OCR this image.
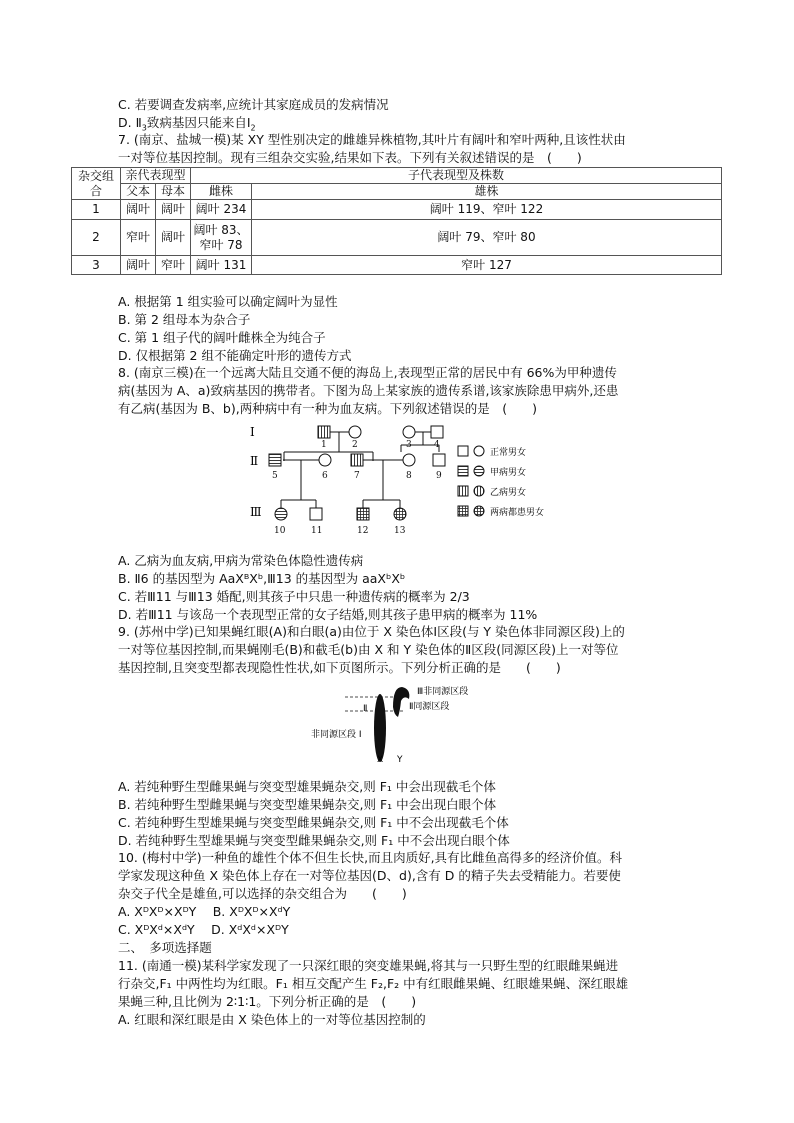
C. 若要调查发病率,应统计其家庭成员的发病情况
D. $Ⅱ_3$致病基因只能来自$Ⅰ_2$
7. (南京、盐城一模)某 XY 型性别决定的雌雄异株植物,其叶片有阔叶和窄叶两种,且该性状由
一对等位基因控制。现有三组杂交实验,结果如下表。下列有关叙述错误的是　(　　)
杂交组合	亲代表现型		子代表现型及株数	
	父本	母本	雌株	雄株
1	阔叶	阔叶	阔叶 234	阔叶 119、窄叶 122
2	窄叶	阔叶	阔叶 83、窄叶 78	阔叶 79、窄叶 80
3	阔叶	窄叶	阔叶 131	窄叶 127
A. 根据第 1 组实验可以确定阔叶为显性
B. 第 2 组母本为杂合子
C. 第 1 组子代的阔叶雌株全为纯合子
D. 仅根据第 2 组不能确定叶形的遗传方式
8. (南京三模)在一个远离大陆且交通不便的海岛上,表现型正常的居民中有 66%为甲种遗传
病(基因为 A、a)致病基因的携带者。下图为岛上某家族的遗传系谱,该家族除患甲病外,还患
有乙病(基因为 B、b),两种病中有一种为血友病。下列叙述错误的是　(　　)
Ⅰ
Ⅱ
Ⅲ
1	2	3 4
5	6	7	8	9
10	11	12	13
正常男女
甲病男女
乙病男女
两病都患男女
A. 乙病为血友病,甲病为常染色体隐性遗传病
B. Ⅱ6 的基因型为 AaXᴮXᵇ,Ⅲ13 的基因型为 aaXᵇXᵇ
C. 若Ⅲ11 与Ⅲ13 婚配,则其孩子中只患一种遗传病的概率为 2/3
D. 若Ⅲ11 与该岛一个表现型正常的女子结婚,则其孩子患甲病的概率为 11%
9. (苏州中学)已知果蝇红眼(A)和白眼(a)由位于 X 染色体Ⅰ区段(与 Y 染色体非同源区段)上的
一对等位基因控制,而果蝇刚毛(B)和截毛(b)由 X 和 Y 染色体的Ⅱ区段(同源区段)上一对等位
基因控制,且突变型都表现隐性性状,如下页图所示。下列分析正确的是　　(　　)
Ⅲ非同源区段
Ⅱ同源区段
Ⅱ
非同源区段 Ⅰ
X Y
A. 若纯种野生型雌果蝇与突变型雄果蝇杂交,则 F₁ 中会出现截毛个体
B. 若纯种野生型雌果蝇与突变型雄果蝇杂交,则 F₁ 中会出现白眼个体
C. 若纯种野生型雄果蝇与突变型雌果蝇杂交,则 F₁ 中不会出现截毛个体
D. 若纯种野生型雄果蝇与突变型雌果蝇杂交,则 F₁ 中不会出现白眼个体
10. (梅村中学)一种鱼的雄性个体不但生长快,而且肉质好,具有比雌鱼高得多的经济价值。科
学家发现这种鱼 X 染色体上存在一对等位基因(D、d),含有 D 的精子失去受精能力。若要使
杂交子代全是雄鱼,可以选择的杂交组合为　　(　　)
A. XᴰXᴰ×XᴰY　 B. XᴰXᴰ×XᵈY
C. XᴰXᵈ×XᵈY　 D. XᵈXᵈ×XᴰY
二、　多项选择题
11. (南通一模)某科学家发现了一只深红眼的突变雄果蝇,将其与一只野生型的红眼雌果蝇进
行杂交,F₁ 中两性均为红眼。F₁ 相互交配产生 F₂,F₂ 中有红眼雌果蝇、红眼雄果蝇、深红眼雄
果蝇三种,且比例为 2∶1∶1。下列分析正确的是　(　　)
A. 红眼和深红眼是由 X 染色体上的一对等位基因控制的
